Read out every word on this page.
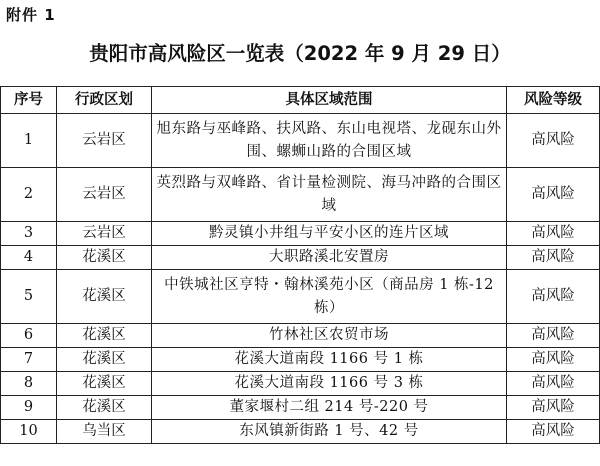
附件 1
贵阳市高风险区一览表（2022 年 9 月 29 日）
序号	行政区划	具体区域范围	风险等级
1	云岩区	旭东路与巫峰路、扶风路、东山电视塔、龙砚东山外围、螺蛳山路的合围区域	高风险
2	云岩区	英烈路与双峰路、省计量检测院、海马冲路的合围区域	高风险
3	云岩区	黔灵镇小井组与平安小区的连片区域	高风险
4	花溪区	大职路溪北安置房	高风险
5	花溪区	中铁城社区亨特・翰林溪苑小区（商品房 1 栋-12 栋）	高风险
6	花溪区	竹林社区农贸市场	高风险
7	花溪区	花溪大道南段 1166 号 1 栋	高风险
8	花溪区	花溪大道南段 1166 号 3 栋	高风险
9	花溪区	董家堰村二组 214 号-220 号	高风险
10	乌当区	东风镇新街路 1 号、42 号	高风险
